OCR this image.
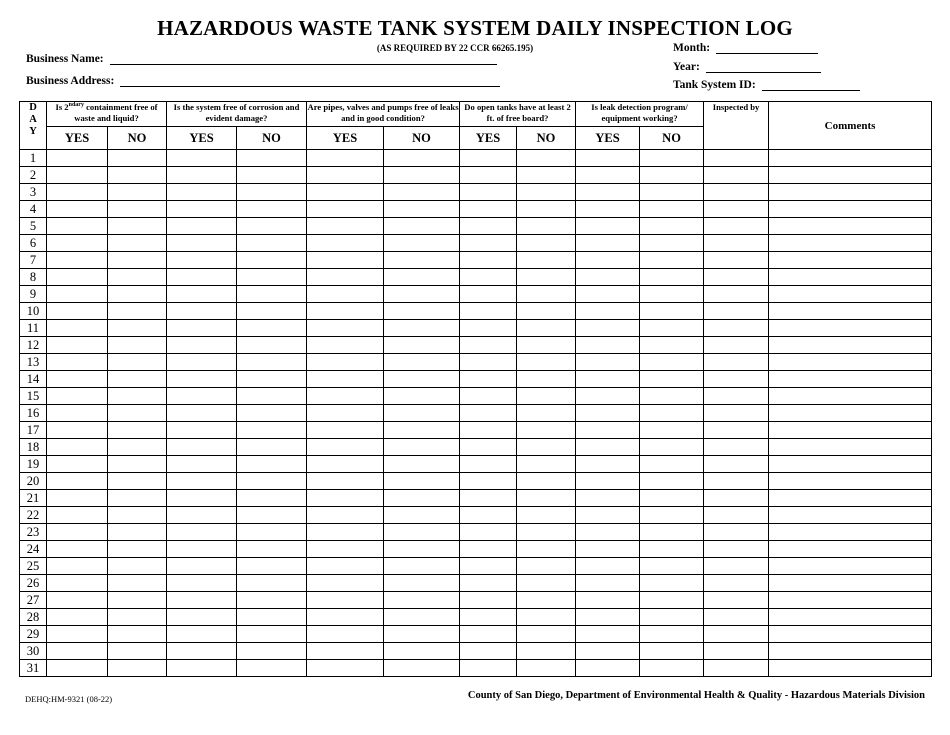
HAZARDOUS WASTE TANK SYSTEM DAILY INSPECTION LOG
(AS REQUIRED BY 22 CCR 66265.195)
Business Name:
Business Address:
Month:
Year:
Tank System ID:
D
A
Y	Is $2^{ndary}$ containment free of waste and liquid?		Is the system free of corrosion and evident damage?		Are pipes, valves and pumps free of leaks and in good condition?		Do open tanks have at least 2 ft. of free board?		Is leak detection program/ equipment working?		Inspected by	Comments
	YES	NO	YES	NO	YES	NO	YES	NO	YES	NO		
1												
2												
3												
4												
5												
6												
7												
8												
9												
10												
11												
12												
13												
14												
15												
16												
17												
18												
19												
20												
21												
22												
23												
24												
25												
26												
27												
28												
29												
30												
31												
DEHQ:HM-9321 (08-22)	County of San Diego, Department of Environmental Health & Quality - Hazardous Materials Division
